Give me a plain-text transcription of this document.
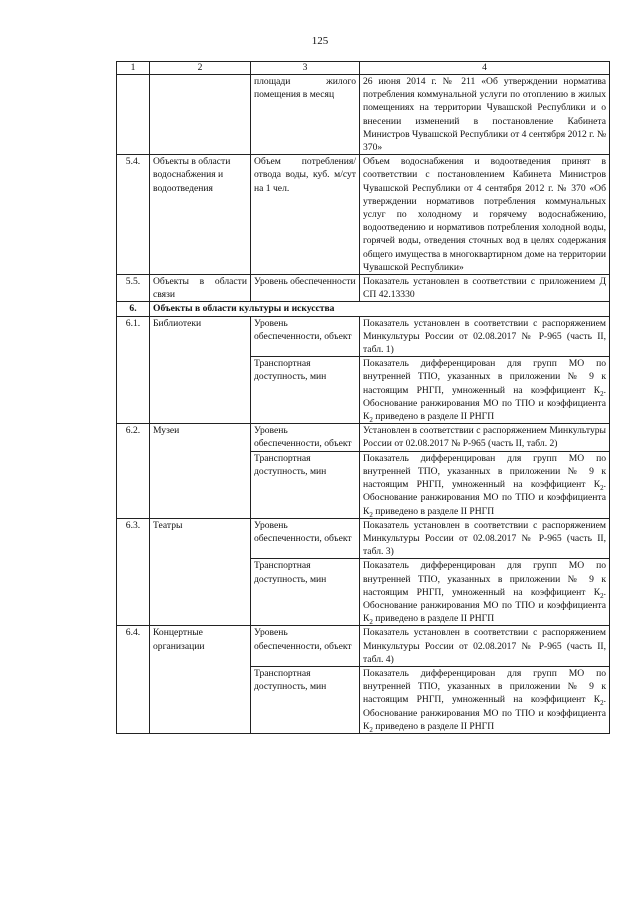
125
1	2	3	4
		площади жилого помещения в месяц	26 июня 2014 г. № 211 «Об утверждении норматива потребления коммунальной услуги по отоплению в жилых помещениях на территории Чувашской Республики и о внесении изменений в постановление Кабинета Министров Чувашской Республики от 4 сентября 2012 г. № 370»
5.4.	Объекты в области водоснабжения и водоотведения	Объем потребления/отвода воды, куб. м/сут на 1 чел.	Объем водоснабжения и водоотведения принят в соответствии с постановлением Кабинета Министров Чувашской Республики от 4 сентября 2012 г. № 370 «Об утверждении нормативов потребления коммунальных услуг по холодному и горячему водоснабжению, водоотведению и нормативов потребления холодной воды, горячей воды, отведения сточных вод в целях содержания общего имущества в многоквартирном доме на территории Чувашской Республики»
5.5.	Объекты в области связи	Уровень обеспеченности	Показатель установлен в соответствии с приложением Д СП 42.13330
6.	Объекты в области культуры и искусства		
6.1.	Библиотеки	Уровень обеспеченности, объект	Показатель установлен в соответствии с распоряжением Минкультуры России от 02.08.2017 № Р-965 (часть II, табл. 1)
		Транспортная доступность, мин	Показатель дифференцирован для групп МО по внутренней ТПО, указанных в приложении № 9 к настоящим РНГП, умноженный на коэффициент $К_2$. Обоснование ранжирования МО по ТПО и коэффициента $К_2$ приведено в разделе II РНГП
6.2.	Музеи	Уровень обеспеченности, объект	Установлен в соответствии с распоряжением Минкультуры России от 02.08.2017 № Р-965 (часть II, табл. 2)
		Транспортная доступность, мин	Показатель дифференцирован для групп МО по внутренней ТПО, указанных в приложении № 9 к настоящим РНГП, умноженный на коэффициент $К_2$. Обоснование ранжирования МО по ТПО и коэффициента $К_2$ приведено в разделе II РНГП
6.3.	Театры	Уровень обеспеченности, объект	Показатель установлен в соответствии с распоряжением Минкультуры России от 02.08.2017 № Р-965 (часть II, табл. 3)
		Транспортная доступность, мин	Показатель дифференцирован для групп МО по внутренней ТПО, указанных в приложении № 9 к настоящим РНГП, умноженный на коэффициент $К_2$. Обоснование ранжирования МО по ТПО и коэффициента $К_2$ приведено в разделе II РНГП
6.4.	Концертные организации	Уровень обеспеченности, объект	Показатель установлен в соответствии с распоряжением Минкультуры России от 02.08.2017 № Р-965 (часть II, табл. 4)
		Транспортная доступность, мин	Показатель дифференцирован для групп МО по внутренней ТПО, указанных в приложении № 9 к настоящим РНГП, умноженный на коэффициент $К_2$. Обоснование ранжирования МО по ТПО и коэффициента $К_2$ приведено в разделе II РНГП
